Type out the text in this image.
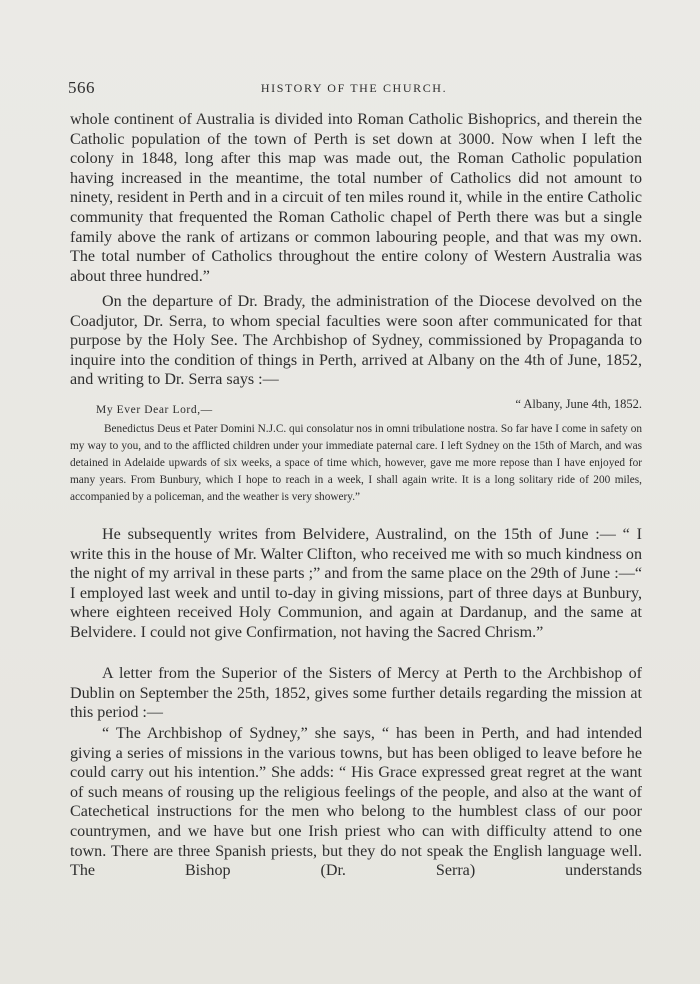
566	HISTORY OF THE CHURCH.

whole continent of Australia is divided into Roman Catholic Bishoprics, and therein the Catholic population of the town of Perth is set down at 3000. Now when I left the colony in 1848, long after this map was made out, the Roman Catholic population having increased in the meantime, the total number of Catholics did not amount to ninety, resident in Perth and in a circuit of ten miles round it, while in the entire Catholic community that frequented the Roman Catholic chapel of Perth there was but a single family above the rank of artizans or common labouring people, and that was my own. The total number of Catholics throughout the entire colony of Western Australia was about three hundred.”

On the departure of Dr. Brady, the administration of the Diocese devolved on the Coadjutor, Dr. Serra, to whom special faculties were soon after communicated for that purpose by the Holy See. The Archbishop of Sydney, commissioned by Propaganda to inquire into the condition of things in Perth, arrived at Albany on the 4th of June, 1852, and writing to Dr. Serra says :—

“ Albany, June 4th, 1852.
My Ever Dear Lord,—

Benedictus Deus et Pater Domini N.J.C. qui consolatur nos in omni tribulatione nostra. So far have I come in safety on my way to you, and to the afflicted children under your immediate paternal care. I left Sydney on the 15th of March, and was detained in Adelaide upwards of six weeks, a space of time which, however, gave me more repose than I have enjoyed for many years. From Bunbury, which I hope to reach in a week, I shall again write. It is a long solitary ride of 200 miles, accompanied by a policeman, and the weather is very showery.”

He subsequently writes from Belvidere, Australind, on the 15th of June :— “ I write this in the house of Mr. Walter Clifton, who received me with so much kindness on the night of my arrival in these parts ;” and from the same place on the 29th of June :—“ I employed last week and until to-day in giving missions, part of three days at Bunbury, where eighteen received Holy Communion, and again at Dardanup, and the same at Belvidere. I could not give Confirmation, not having the Sacred Chrism.”

A letter from the Superior of the Sisters of Mercy at Perth to the Archbishop of Dublin on September the 25th, 1852, gives some further details regarding the mission at this period :—

“ The Archbishop of Sydney,” she says, “ has been in Perth, and had intended giving a series of missions in the various towns, but has been obliged to leave before he could carry out his intention.” She adds: “ His Grace expressed great regret at the want of such means of rousing up the religious feelings of the people, and also at the want of Catechetical instructions for the men who belong to the humblest class of our poor countrymen, and we have but one Irish priest who can with difficulty attend to one town. There are three Spanish priests, but they do not speak the English language well. The Bishop (Dr. Serra) understands
